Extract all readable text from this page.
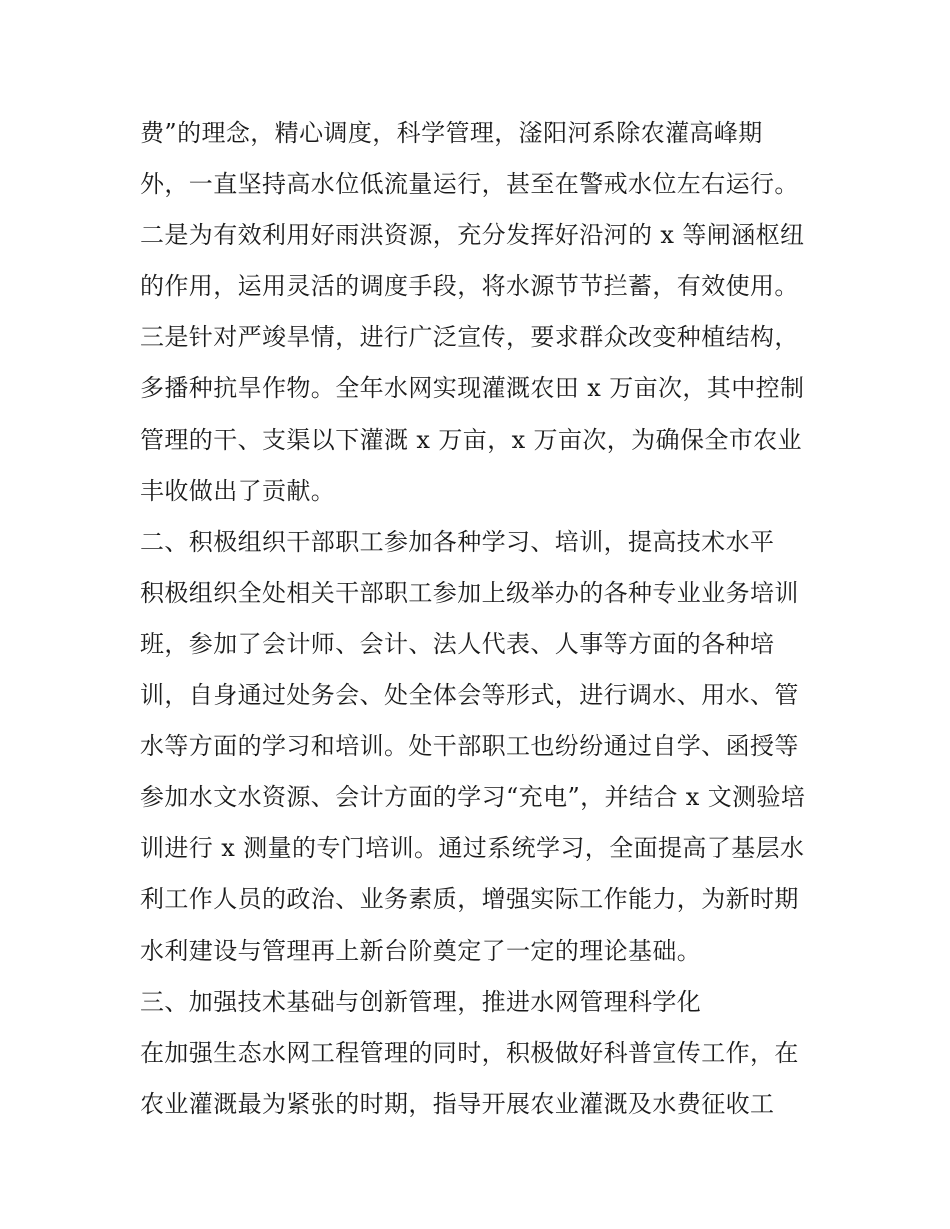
费”的理念，精心调度，科学管理，滏阳河系除农灌高峰期
外，一直坚持高水位低流量运行，甚至在警戒水位左右运行。
二是为有效利用好雨洪资源，充分发挥好沿河的 x 等闸涵枢纽
的作用，运用灵活的调度手段，将水源节节拦蓄，有效使用。
三是针对严竣旱情，进行广泛宣传，要求群众改变种植结构，
多播种抗旱作物。全年水网实现灌溉农田 x 万亩次，其中控制
管理的干、支渠以下灌溉 x 万亩，x 万亩次，为确保全市农业
丰收做出了贡献。
二、积极组织干部职工参加各种学习、培训，提高技术水平
积极组织全处相关干部职工参加上级举办的各种专业业务培训
班，参加了会计师、会计、法人代表、人事等方面的各种培
训，自身通过处务会、处全体会等形式，进行调水、用水、管
水等方面的学习和培训。处干部职工也纷纷通过自学、函授等
参加水文水资源、会计方面的学习“充电”，并结合 x 文测验培
训进行 x 测量的专门培训。通过系统学习，全面提高了基层水
利工作人员的政治、业务素质，增强实际工作能力，为新时期
水利建设与管理再上新台阶奠定了一定的理论基础。
三、加强技术基础与创新管理，推进水网管理科学化
在加强生态水网工程管理的同时，积极做好科普宣传工作，在
农业灌溉最为紧张的时期，指导开展农业灌溉及水费征收工
